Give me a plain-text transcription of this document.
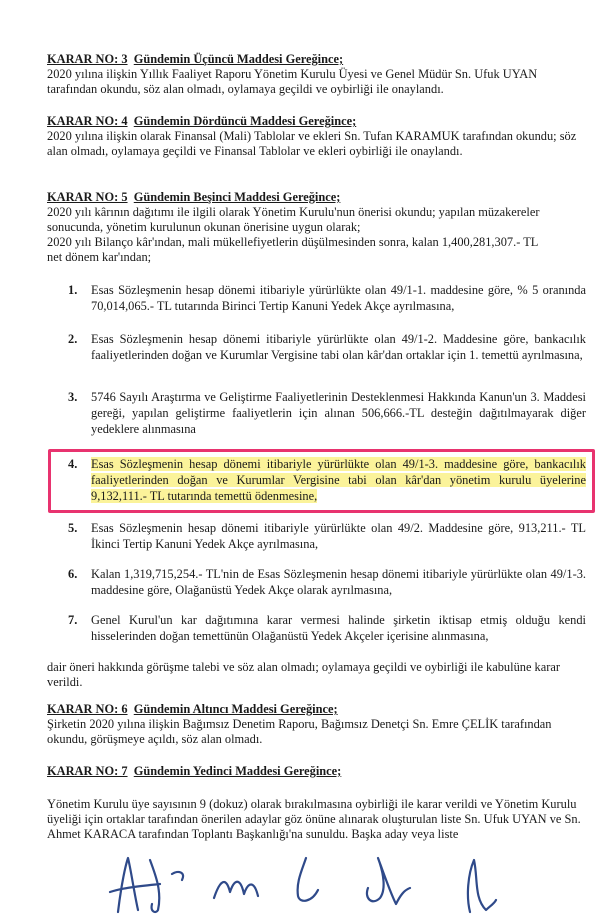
KARAR NO: 3 Gündemin Üçüncü Maddesi Gereğince;

2020 yılına ilişkin Yıllık Faaliyet Raporu Yönetim Kurulu Üyesi ve Genel Müdür Sn. Ufuk UYAN tarafından okundu, söz alan olmadı, oylamaya geçildi ve oybirliği ile onaylandı.

KARAR NO: 4 Gündemin Dördüncü Maddesi Gereğince;

2020 yılına ilişkin olarak Finansal (Mali) Tablolar ve ekleri Sn. Tufan KARAMUK tarafından okundu; söz alan olmadı, oylamaya geçildi ve Finansal Tablolar ve ekleri oybirliği ile onaylandı.

KARAR NO: 5 Gündemin Beşinci Maddesi Gereğince;
2020 yılı kârının dağıtımı ile ilgili olarak Yönetim Kurulu'nun önerisi okundu; yapılan müzakereler
sonucunda, yönetim kurulunun okunan önerisine uygun olarak;
2020 yılı Bilanço kâr'ından, mali mükellefiyetlerin düşülmesinden sonra, kalan 1,400,281,307.- TL
net dönem kar'ından;
1. Esas Sözleşmenin hesap dönemi itibariyle yürürlükte olan 49/1-1. maddesine göre, % 5 oranında 70,014,065.- TL tutarında Birinci Tertip Kanuni Yedek Akçe ayrılmasına,
2. Esas Sözleşmenin hesap dönemi itibariyle yürürlükte olan 49/1-2. Maddesine göre, bankacılık faaliyetlerinden doğan ve Kurumlar Vergisine tabi olan kâr'dan ortaklar için 1. temettü ayrılmasına,
3. 5746 Sayılı Araştırma ve Geliştirme Faaliyetlerinin Desteklenmesi Hakkında Kanun'un 3. Maddesi gereği, yapılan geliştirme faaliyetlerin için alınan 506,666.-TL desteğin dağıtılmayarak diğer yedeklere alınmasına
4. Esas Sözleşmenin hesap dönemi itibariyle yürürlükte olan 49/1-3. maddesine göre, bankacılık faaliyetlerinden doğan ve Kurumlar Vergisine tabi olan kâr'dan yönetim kurulu üyelerine 9,132,111.- TL tutarında temettü ödenmesine,
5. Esas Sözleşmenin hesap dönemi itibariyle yürürlükte olan 49/2. Maddesine göre, 913,211.- TL İkinci Tertip Kanuni Yedek Akçe ayrılmasına,
6. Kalan 1,319,715,254.- TL'nin de Esas Sözleşmenin hesap dönemi itibariyle yürürlükte olan 49/1-3. maddesine göre, Olağanüstü Yedek Akçe olarak ayrılmasına,
7. Genel Kurul'un kar dağıtımına karar vermesi halinde şirketin iktisap etmiş olduğu kendi hisselerinden doğan temettünün Olağanüstü Yedek Akçeler içerisine alınmasına,

dair öneri hakkında görüşme talebi ve söz alan olmadı; oylamaya geçildi ve oybirliği ile kabulüne karar verildi.

KARAR NO: 6 Gündemin Altıncı Maddesi Gereğince;

Şirketin 2020 yılına ilişkin Bağımsız Denetim Raporu, Bağımsız Denetçi Sn. Emre ÇELİK tarafından okundu, görüşmeye açıldı, söz alan olmadı.

KARAR NO: 7 Gündemin Yedinci Maddesi Gereğince;

Yönetim Kurulu üye sayısının 9 (dokuz) olarak bırakılmasına oybirliği ile karar verildi ve Yönetim Kurulu üyeliği için ortaklar tarafından önerilen adaylar göz önüne alınarak oluşturulan liste Sn. Ufuk UYAN ve Sn. Ahmet KARACA tarafından Toplantı Başkanlığı'na sunuldu. Başka aday veya liste
